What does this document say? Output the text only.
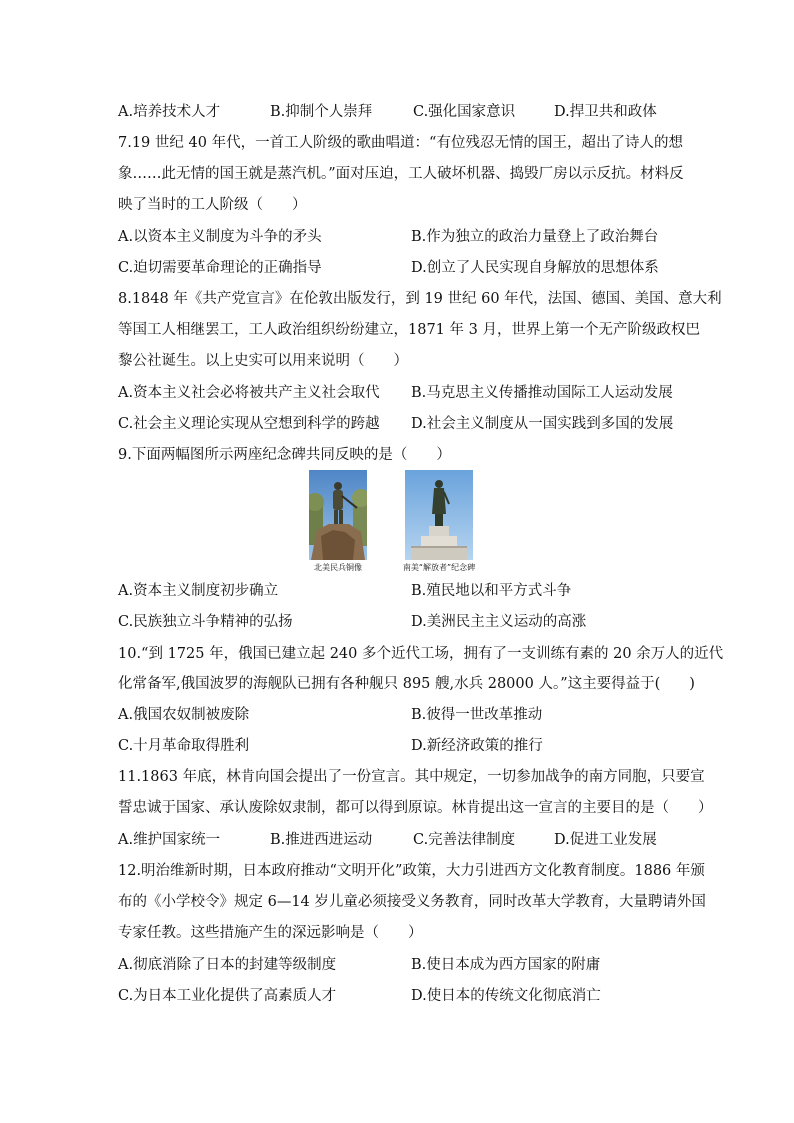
A.培养技术人才	B.抑制个人崇拜	C.强化国家意识	D.捍卫共和政体
7.19 世纪 40 年代，一首工人阶级的歌曲唱道：“有位残忍无情的国王，超出了诗人的想
象……此无情的国王就是蒸汽机。”面对压迫，工人破坏机器、捣毁厂房以示反抗。材料反
映了当时的工人阶级（　　）
A.以资本主义制度为斗争的矛头	B.作为独立的政治力量登上了政治舞台
C.迫切需要革命理论的正确指导	D.创立了人民实现自身解放的思想体系
8.1848 年《共产党宣言》在伦敦出版发行，到 19 世纪 60 年代，法国、德国、美国、意大利
等国工人相继罢工，工人政治组织纷纷建立，1871 年 3 月，世界上第一个无产阶级政权巴
黎公社诞生。以上史实可以用来说明（　　）
A.资本主义社会必将被共产主义社会取代 B.马克思主义传播推动国际工人运动发展
C.社会主义理论实现从空想到科学的跨越 D.社会主义制度从一国实践到多国的发展
9.下面两幅图所示两座纪念碑共同反映的是（　　）
北美民兵铜像	南美“解放者”纪念碑
A.资本主义制度初步确立	B.殖民地以和平方式斗争
C.民族独立斗争精神的弘扬	D.美洲民主主义运动的高涨
10.“到 1725 年，俄国已建立起 240 多个近代工场，拥有了一支训练有素的 20 余万人的近代
化常备军,俄国波罗的海舰队已拥有各种舰只 895 艘,水兵 28000 人。”这主要得益于(　　)
A.俄国农奴制被废除	B.彼得一世改革推动
C.十月革命取得胜利	D.新经济政策的推行
11.1863 年底，林肯向国会提出了一份宣言。其中规定，一切参加战争的南方同胞，只要宣
誓忠诚于国家、承认废除奴隶制，都可以得到原谅。林肯提出这一宣言的主要目的是（　　）
A.维护国家统一	B.推进西进运动	C.完善法律制度	D.促进工业发展
12.明治维新时期，日本政府推动“文明开化”政策，大力引进西方文化教育制度。1886 年颁
布的《小学校令》规定 6—14 岁儿童必须接受义务教育，同时改革大学教育，大量聘请外国
专家任教。这些措施产生的深远影响是（　　）
A.彻底消除了日本的封建等级制度	B.使日本成为西方国家的附庸
C.为日本工业化提供了高素质人才	D.使日本的传统文化彻底消亡
